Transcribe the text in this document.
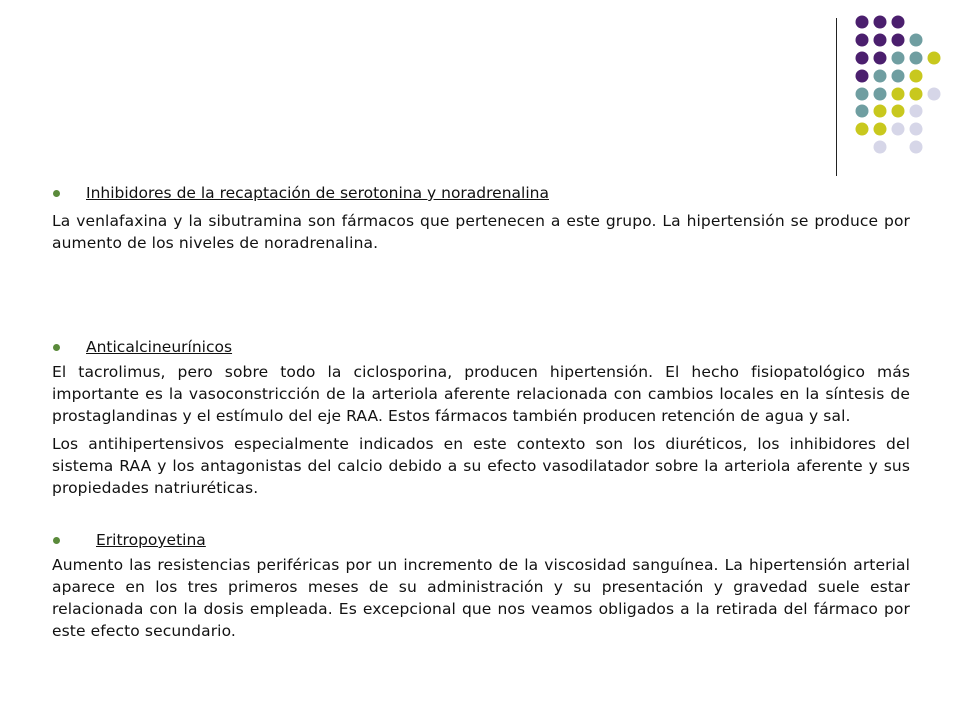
Inhibidores de la recaptación de serotonina y noradrenalina

La venlafaxina y la sibutramina son fármacos que pertenecen a este grupo. La hipertensión se produce por aumento de los niveles de noradrenalina.

Anticalcineurínicos

El tacrolimus, pero sobre todo la ciclosporina, producen hipertensión. El hecho fisiopatológico más importante es la vasoconstricción de la arteriola aferente relacionada con cambios locales en la síntesis de prostaglandinas y el estímulo del eje RAA. Estos fármacos también producen retención de agua y sal.

Los antihipertensivos especialmente indicados en este contexto son los diuréticos, los inhibidores del sistema RAA y los antagonistas del calcio debido a su efecto vasodilatador sobre la arteriola aferente y sus propiedades natriuréticas.

Eritropoyetina

Aumento las resistencias periféricas por un incremento de la viscosidad sanguínea. La hipertensión arterial aparece en los tres primeros meses de su administración y su presentación y gravedad suele estar relacionada con la dosis empleada. Es excepcional que nos veamos obligados a la retirada del fármaco por este efecto secundario.
